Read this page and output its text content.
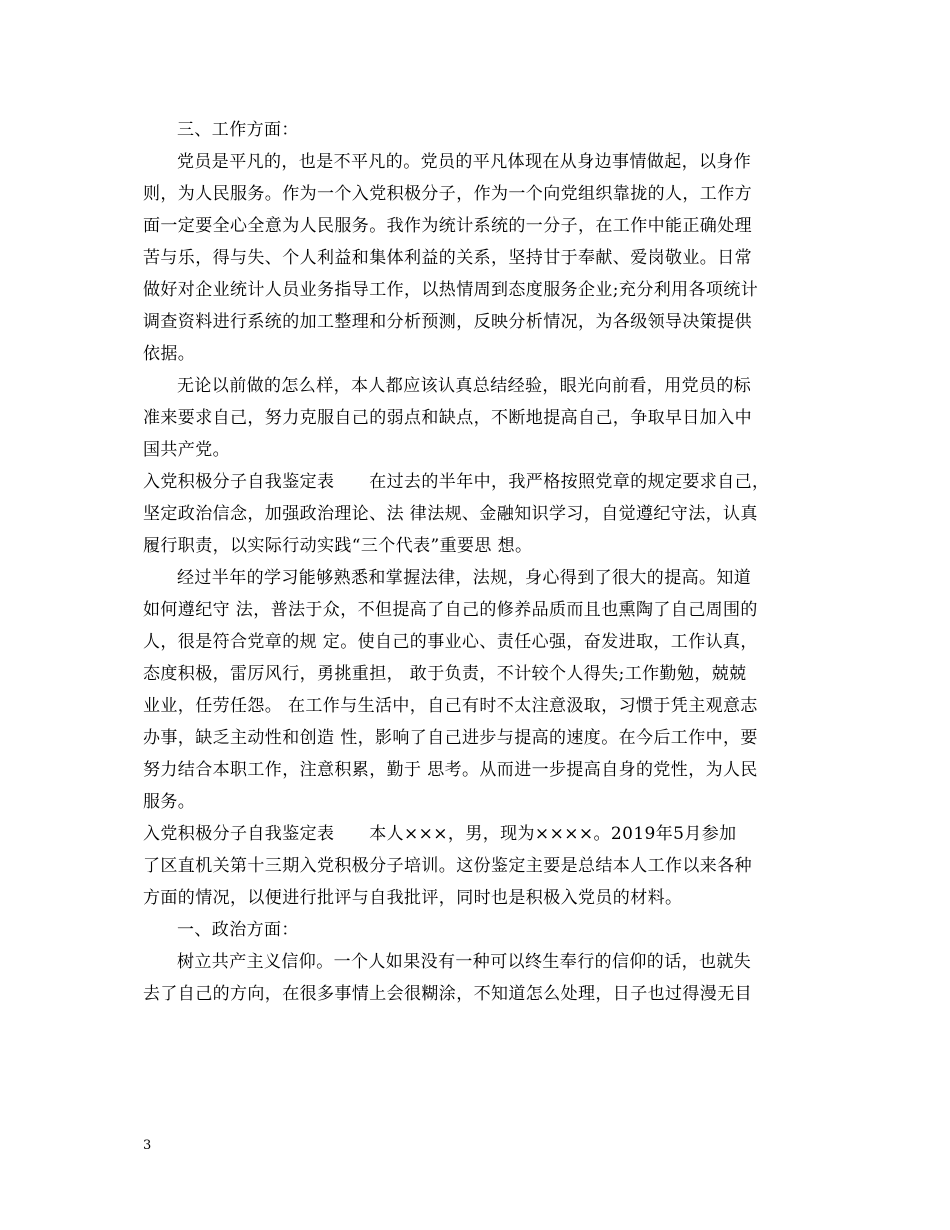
三、工作方面：
党员是平凡的，也是不平凡的。党员的平凡体现在从身边事情做起，以身作
则，为人民服务。作为一个入党积极分子，作为一个向党组织靠拢的人，工作方
面一定要全心全意为人民服务。我作为统计系统的一分子，在工作中能正确处理
苦与乐，得与失、个人利益和集体利益的关系，坚持甘于奉献、爱岗敬业。日常
做好对企业统计人员业务指导工作，以热情周到态度服务企业;充分利用各项统计
调查资料进行系统的加工整理和分析预测，反映分析情况，为各级领导决策提供
依据。
无论以前做的怎么样，本人都应该认真总结经验，眼光向前看，用党员的标
准来要求自己，努力克服自己的弱点和缺点，不断地提高自己，争取早日加入中
国共产党。
入党积极分子自我鉴定表　　在过去的半年中，我严格按照党章的规定要求自己，
坚定政治信念，加强政治理论、法 律法规、金融知识学习，自觉遵纪守法，认真
履行职责，以实际行动实践“三个代表”重要思 想。
经过半年的学习能够熟悉和掌握法律，法规，身心得到了很大的提高。知道
如何遵纪守 法，普法于众，不但提高了自己的修养品质而且也熏陶了自己周围的
人，很是符合党章的规 定。使自己的事业心、责任心强，奋发进取，工作认真，
态度积极，雷厉风行，勇挑重担， 敢于负责，不计较个人得失;工作勤勉，兢兢
业业，任劳任怨。 在工作与生活中，自己有时不太注意汲取，习惯于凭主观意志
办事，缺乏主动性和创造 性，影响了自己进步与提高的速度。在今后工作中，要
努力结合本职工作，注意积累，勤于 思考。从而进一步提高自身的党性，为人民
服务。
入党积极分子自我鉴定表　　本人×××，男，现为××××。2019年5月参加
了区直机关第十三期入党积极分子培训。这份鉴定主要是总结本人工作以来各种
方面的情况，以便进行批评与自我批评，同时也是积极入党员的材料。
一、政治方面：
树立共产主义信仰。一个人如果没有一种可以终生奉行的信仰的话，也就失
去了自己的方向，在很多事情上会很糊涂，不知道怎么处理，日子也过得漫无目
3
